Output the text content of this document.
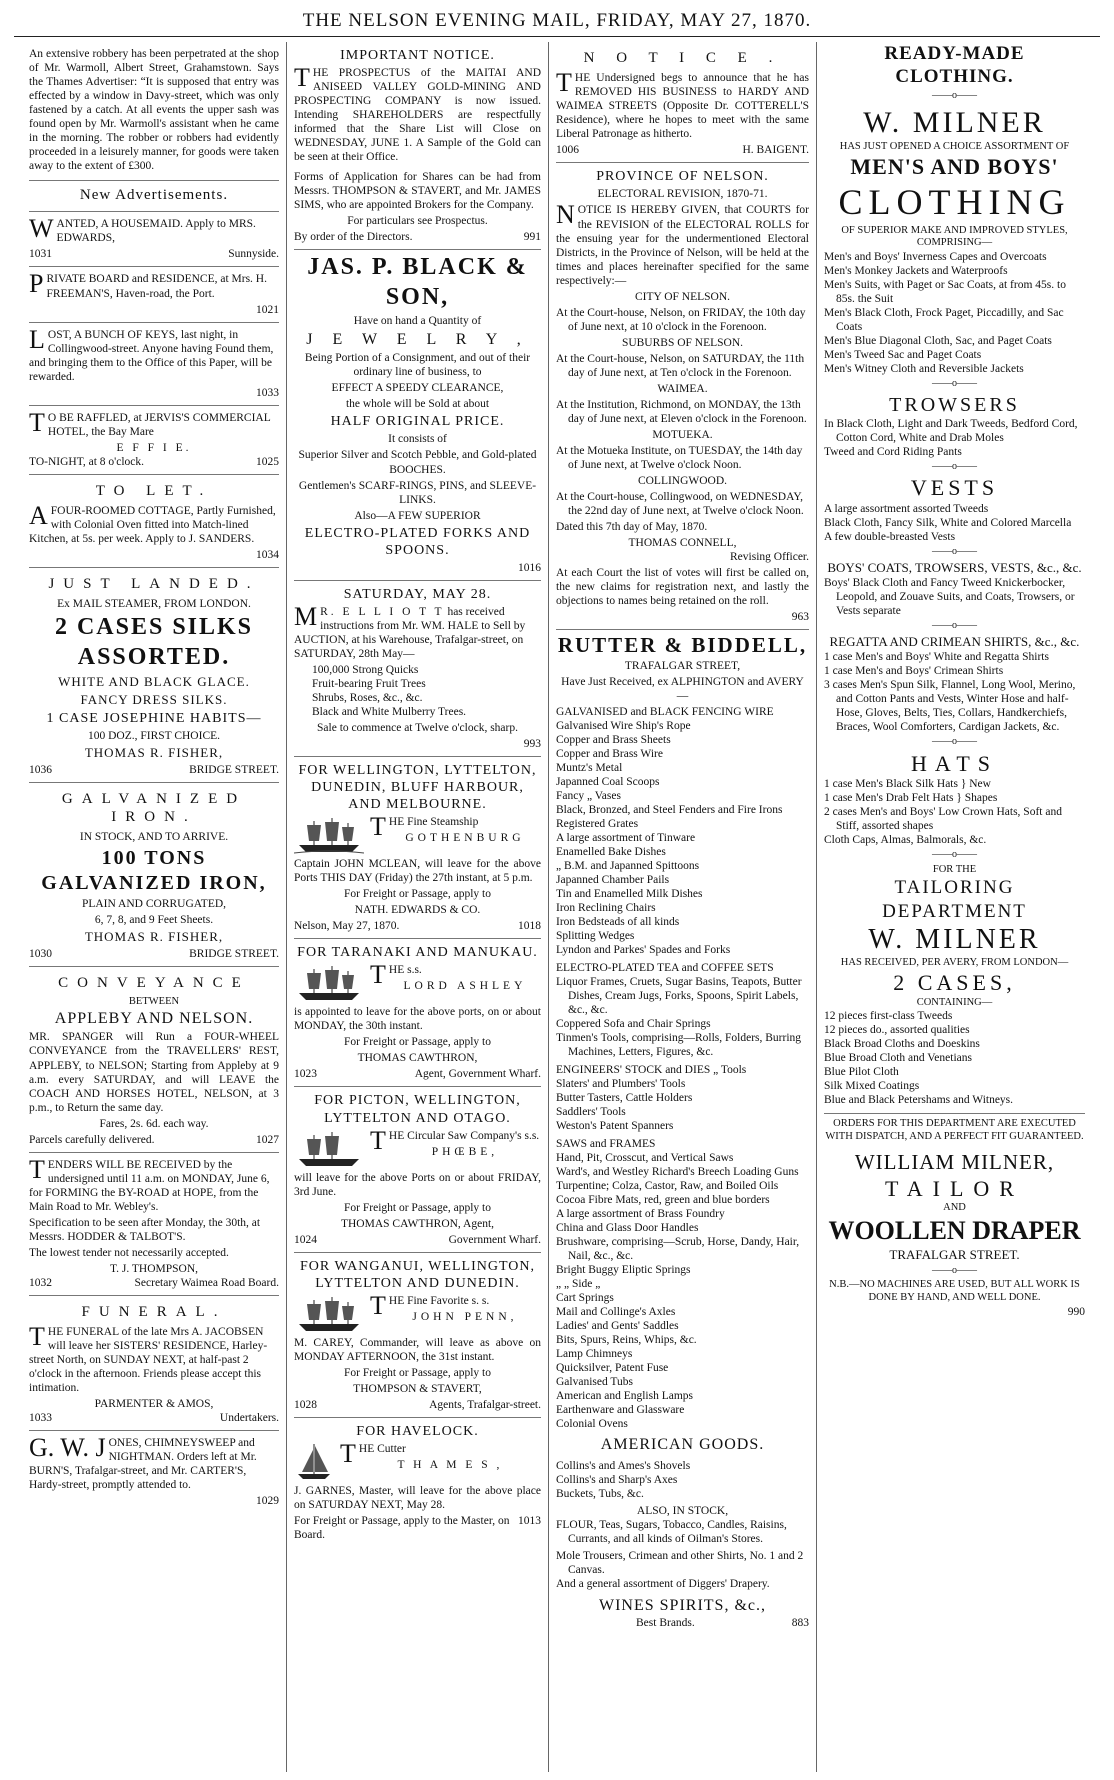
THE NELSON EVENING MAIL, FRIDAY, MAY 27, 1870.

An extensive robbery has been perpetrated at the shop of Mr. Warmoll, Albert Street, Grahamstown. Says the Thames Advertiser: “It is supposed that entry was effected by a window in Davy-street, which was only fastened by a catch. At all events the upper sash was found open by Mr. Warmoll's assistant when he came in the morning. The robber or robbers had evidently proceeded in a leisurely manner, for goods were taken away to the extent of £300.

New Advertisements.

WANTED, A HOUSEMAID. Apply to MRS. EDWARDS,

1031	Sunnyside.

PRIVATE BOARD and RESIDENCE, at Mrs. H. FREEMAN'S, Haven-road, the Port.

1021

LOST, A BUNCH OF KEYS, last night, in Collingwood-street. Anyone having Found them, and bringing them to the Office of this Paper, will be rewarded.

1033

T O BE RAFFLED, at JERVIS'S COMMERCIAL HOTEL, the Bay Mare

E F F I E.
TO-NIGHT, at 8 o'clock.	1025
TO LET.

AFOUR-ROOMED COTTAGE, Partly Furnished, with Colonial Oven fitted into Match-lined Kitchen, at 5s. per week. Apply to J. SANDERS.

1034
JUST LANDED.

Ex MAIL STEAMER, FROM LONDON.

2 CASES SILKS ASSORTED.

WHITE AND BLACK GLACE.

FANCY DRESS SILKS.

1 CASE JOSEPHINE HABITS—

100 DOZ., FIRST CHOICE.

THOMAS R. FISHER,

1036	BRIDGE STREET.
GALVANIZED IRON.

IN STOCK, AND TO ARRIVE.

100 TONS GALVANIZED IRON,

PLAIN AND CORRUGATED,

6, 7, 8, and 9 Feet Sheets.

THOMAS R. FISHER,

1030	BRIDGE STREET.
CONVEYANCE
BETWEEN
APPLEBY AND NELSON.

MR. SPANGER will Run a FOUR-WHEEL CONVEYANCE from the TRAVELLERS' REST, APPLEBY, to NELSON; Starting from Appleby at 9 a.m. every SATURDAY, and will LEAVE the COACH AND HORSES HOTEL, NELSON, at 3 p.m., to Return the same day.

Fares, 2s. 6d. each way.

Parcels carefully delivered.	1027

TENDERS WILL BE RECEIVED by the undersigned until 11 a.m. on MONDAY, June 6, for FORMING the BY-ROAD at HOPE, from the Main Road to Mr. Webley's.

Specification to be seen after Monday, the 30th, at Messrs. HODDER & TALBOT'S.

The lowest tender not necessarily accepted.

T. J. THOMPSON,
1032	Secretary Waimea Road Board.
FUNERAL.

THE FUNERAL of the late Mrs A. JACOBSEN will leave her SISTERS' RESIDENCE, Harley-street North, on SUNDAY NEXT, at half-past 2 o'clock in the afternoon. Friends please accept this intimation.

PARMENTER & AMOS,
1033	Undertakers.

G. W. J ONES, CHIMNEYSWEEP and NIGHTMAN. Orders left at Mr. BURN'S, Trafalgar-street, and Mr. CARTER'S, Hardy-street, promptly attended to.

1029
IMPORTANT NOTICE.

THE PROSPECTUS of the MAITAI AND ANISEED VALLEY GOLD-MINING AND PROSPECTING COMPANY is now issued. Intending SHAREHOLDERS are respectfully informed that the Share List will Close on WEDNESDAY, JUNE 1. A Sample of the Gold can be seen at their Office.

Forms of Application for Shares can be had from Messrs. THOMPSON & STAVERT, and Mr. JAMES SIMS, who are appointed Brokers for the Company.

For particulars see Prospectus.

By order of the Directors.	991
JAS. P. BLACK & SON,

Have on hand a Quantity of

J E W E L R Y ,

Being Portion of a Consignment, and out of their ordinary line of business, to

EFFECT A SPEEDY CLEARANCE,

the whole will be Sold at about

HALF ORIGINAL PRICE.

It consists of

Superior Silver and Scotch Pebble, and Gold-plated BOOCHES.

Gentlemen's SCARF-RINGS, PINS, and SLEEVE-LINKS.

Also—A FEW SUPERIOR

ELECTRO-PLATED FORKS AND SPOONS.

1016
SATURDAY, MAY 28.

M R. E L L I O T T has received instructions from Mr. WM. HALE to Sell by AUCTION, at his Warehouse, Trafalgar-street, on SATURDAY, 28th May—

100,000 Strong Quicks

Fruit-bearing Fruit Trees

Shrubs, Roses, &c., &c.

Black and White Mulberry Trees.

Sale to commence at Twelve o'clock, sharp.

993
FOR WELLINGTON, LYTTELTON, DUNEDIN, BLUFF HARBOUR, AND MELBOURNE.

THE Fine Steamship

GOTHENBURG

Captain JOHN MCLEAN, will leave for the above Ports THIS DAY (Friday) the 27th instant, at 5 p.m.

For Freight or Passage, apply to

NATH. EDWARDS & CO.

Nelson, May 27, 1870.	1018
FOR TARANAKI AND MANUKAU.

THE s.s.

LORD ASHLEY

is appointed to leave for the above ports, on or about MONDAY, the 30th instant.

For Freight or Passage, apply to

THOMAS CAWTHRON,

1023	Agent, Government Wharf.
FOR PICTON, WELLINGTON, LYTTELTON AND OTAGO.

THE Circular Saw Company's s.s.

PHŒBE,

will leave for the above Ports on or about FRIDAY, 3rd June.

For Freight or Passage, apply to

THOMAS CAWTHRON, Agent,

1024	Government Wharf.
FOR WANGANUI, WELLINGTON, LYTTELTON AND DUNEDIN.

THE Fine Favorite s. s.

JOHN PENN,

M. CAREY, Commander, will leave as above on MONDAY AFTERNOON, the 31st instant.

For Freight or Passage, apply to

THOMPSON & STAVERT,

1028	Agents, Trafalgar-street.
FOR HAVELOCK.

THE Cutter

T H A M E S ,

J. GARNES, Master, will leave for the above place on SATURDAY NEXT, May 28.

For Freight or Passage, apply to the Master, on Board.
1013
N O T I C E .

THE Undersigned begs to announce that he has REMOVED HIS BUSINESS to HARDY AND WAIMEA STREETS (Opposite Dr. COTTERELL'S Residence), where he hopes to meet with the same Liberal Patronage as hitherto.

1006	H. BAIGENT.
PROVINCE OF NELSON.
ELECTORAL REVISION, 1870-71.

NOTICE IS HEREBY GIVEN, that COURTS for the REVISION of the ELECTORAL ROLLS for the ensuing year for the undermentioned Electoral Districts, in the Province of Nelson, will be held at the times and places hereinafter specified for the same respectively:—

CITY OF NELSON.

At the Court-house, Nelson, on FRIDAY, the 10th day of June next, at 10 o'clock in the Forenoon.

SUBURBS OF NELSON.

At the Court-house, Nelson, on SATURDAY, the 11th day of June next, at Ten o'clock in the Forenoon.

WAIMEA.

At the Institution, Richmond, on MONDAY, the 13th day of June next, at Eleven o'clock in the Forenoon.

MOTUEKA.

At the Motueka Institute, on TUESDAY, the 14th day of June next, at Twelve o'clock Noon.

COLLINGWOOD.

At the Court-house, Collingwood, on WEDNESDAY, the 22nd day of June next, at Twelve o'clock Noon.

Dated this 7th day of May, 1870.

THOMAS CONNELL,
Revising Officer.

At each Court the list of votes will first be called on, the new claims for registration next, and lastly the objections to names being retained on the roll.

963
RUTTER & BIDDELL,
TRAFALGAR STREET,

Have Just Received, ex ALPHINGTON and AVERY—

GALVANISED and BLACK FENCING WIRE

Galvanised Wire Ship's Rope

Copper and Brass Sheets

Copper and Brass Wire

Muntz's Metal

Japanned Coal Scoops

Fancy „ Vases

Black, Bronzed, and Steel Fenders and Fire Irons

Registered Grates

A large assortment of Tinware

Enamelled Bake Dishes

„ B.M. and Japanned Spittoons

Japanned Chamber Pails

Tin and Enamelled Milk Dishes

Iron Reclining Chairs

Iron Bedsteads of all kinds

Splitting Wedges

Lyndon and Parkes' Spades and Forks

ELECTRO-PLATED TEA and COFFEE SETS

Liquor Frames, Cruets, Sugar Basins, Teapots, Butter Dishes, Cream Jugs, Forks, Spoons, Spirit Labels, &c., &c.

Coppered Sofa and Chair Springs

Tinmen's Tools, comprising—Rolls, Folders, Burring Machines, Letters, Figures, &c.

ENGINEERS' STOCK and DIES „ Tools

Slaters' and Plumbers' Tools

Butter Tasters, Cattle Holders

Saddlers' Tools

Weston's Patent Spanners

SAWS and FRAMES

Hand, Pit, Crosscut, and Vertical Saws

Ward's, and Westley Richard's Breech Loading Guns

Turpentine; Colza, Castor, Raw, and Boiled Oils

Cocoa Fibre Mats, red, green and blue borders

A large assortment of Brass Foundry

China and Glass Door Handles

Brushware, comprising—Scrub, Horse, Dandy, Hair, Nail, &c., &c.

Bright Buggy Eliptic Springs

„ „ Side „

Cart Springs

Mail and Collinge's Axles

Ladies' and Gents' Saddles

Bits, Spurs, Reins, Whips, &c.

Lamp Chimneys

Quicksilver, Patent Fuse

Galvanised Tubs

American and English Lamps

Earthenware and Glassware

Colonial Ovens

AMERICAN GOODS.

Collins's and Ames's Shovels

Collins's and Sharp's Axes

Buckets, Tubs, &c.

ALSO, IN STOCK,

FLOUR, Teas, Sugars, Tobacco, Candles, Raisins, Currants, and all kinds of Oilman's Stores.

Mole Trousers, Crimean and other Shirts, No. 1 and 2 Canvas.

And a general assortment of Diggers' Drapery.

WINES SPIRITS, &c.,
Best Brands.	883
READY-MADE CLOTHING.
——o——
W. MILNER
HAS JUST OPENED A CHOICE ASSORTMENT OF
MEN'S AND BOYS'
CLOTHING
OF SUPERIOR MAKE AND IMPROVED STYLES, COMPRISING—

Men's and Boys' Inverness Capes and Overcoats

Men's Monkey Jackets and Waterproofs

Men's Suits, with Paget or Sac Coats, at from 45s. to 85s. the Suit

Men's Black Cloth, Frock Paget, Piccadilly, and Sac Coats

Men's Blue Diagonal Cloth, Sac, and Paget Coats

Men's Tweed Sac and Paget Coats

Men's Witney Cloth and Reversible Jackets

——o——
TROWSERS

In Black Cloth, Light and Dark Tweeds, Bedford Cord, Cotton Cord, White and Drab Moles

Tweed and Cord Riding Pants

——o——
VESTS

A large assortment assorted Tweeds

Black Cloth, Fancy Silk, White and Colored Marcella

A few double-breasted Vests

——o——
BOYS' COATS, TROWSERS, VESTS, &c., &c.

Boys' Black Cloth and Fancy Tweed Knickerbocker, Leopold, and Zouave Suits, and Coats, Trowsers, or Vests separate

——o——
REGATTA AND CRIMEAN SHIRTS, &c., &c.

1 case Men's and Boys' White and Regatta Shirts

1 case Men's and Boys' Crimean Shirts

3 cases Men's Spun Silk, Flannel, Long Wool, Merino, and Cotton Pants and Vests, Winter Hose and half-Hose, Gloves, Belts, Ties, Collars, Handkerchiefs, Braces, Wool Comforters, Cardigan Jackets, &c.

——o——
HATS

1 case Men's Black Silk Hats } New

1 case Men's Drab Felt Hats } Shapes

2 cases Men's and Boys' Low Crown Hats, Soft and Stiff, assorted shapes

Cloth Caps, Almas, Balmorals, &c.

——o——
FOR THE
TAILORING DEPARTMENT
W. MILNER
HAS RECEIVED, PER AVERY, FROM LONDON—
2 CASES,
CONTAINING—

12 pieces first-class Tweeds

12 pieces do., assorted qualities

Black Broad Cloths and Doeskins

Blue Broad Cloth and Venetians

Blue Pilot Cloth

Silk Mixed Coatings

Blue and Black Petershams and Witneys.

ORDERS FOR THIS DEPARTMENT ARE EXECUTED WITH DISPATCH, AND A PERFECT FIT GUARANTEED.
WILLIAM MILNER,
TAILOR
AND
WOOLLEN DRAPER
TRAFALGAR STREET.
——o——
N.B.—NO MACHINES ARE USED, BUT ALL WORK IS DONE BY HAND, AND WELL DONE.
990
